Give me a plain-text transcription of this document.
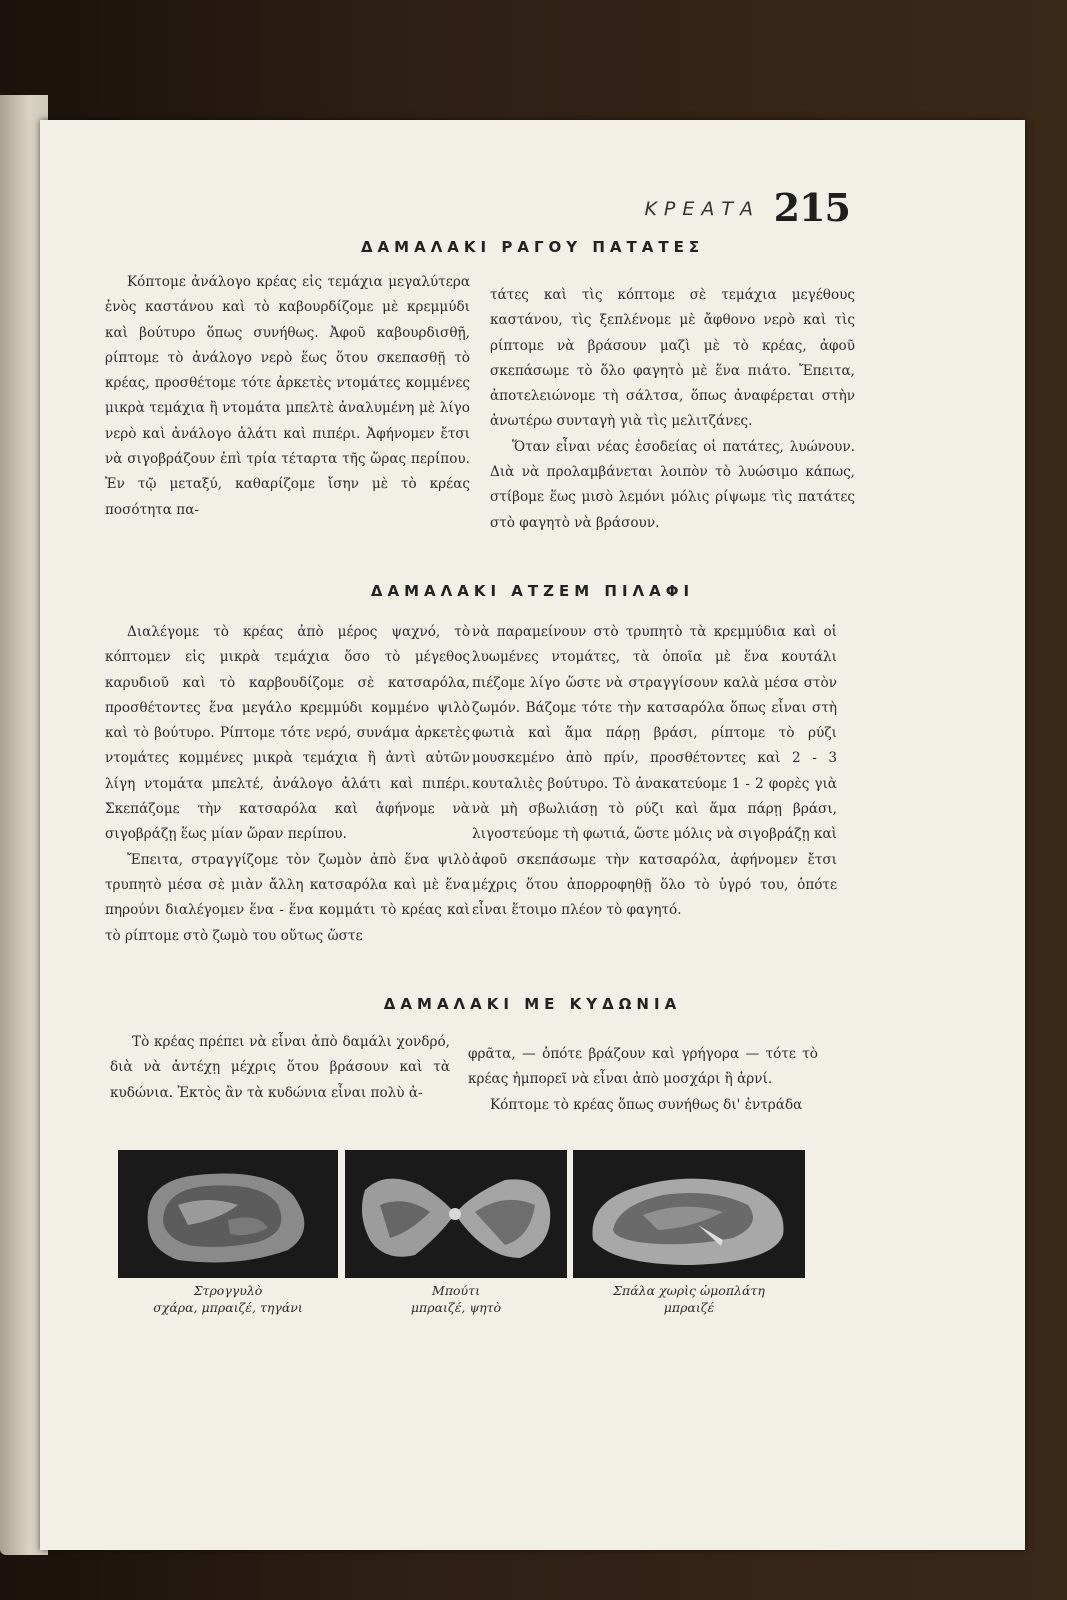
ΚΡΕΑΤΑ 215
ΔΑΜΑΛΑΚΙ ΡΑΓΟΥ ΠΑΤΑΤΕΣ

Κόπτομε ἀνάλογο κρέας εἰς τεμάχια μεγαλύτερα ἑνὸς καστάνου καὶ τὸ καβουρδίζομε μὲ κρεμμύδι καὶ βούτυρο ὅπως συνήθως. Ἀφοῦ καβουρδισθῇ, ρίπτομε τὸ ἀνάλογο νερὸ ἕως ὅτου σκεπασθῇ τὸ κρέας, προσθέτομε τότε ἀρκετὲς ντομάτες κομμένες μικρὰ τεμάχια ἢ ντομάτα μπελτὲ ἀναλυμένη μὲ λίγο νερὸ καὶ ἀνάλογο ἁλάτι καὶ πιπέρι. Ἀφήνομεν ἔτσι νὰ σιγοβράζουν ἐπὶ τρία τέταρτα τῆς ὥρας περίπου. Ἐν τῷ μεταξύ, καθαρίζομε ἴσην μὲ τὸ κρέας ποσότητα πα-

τάτες καὶ τὶς κόπτομε σὲ τεμάχια μεγέθους καστάνου, τὶς ξεπλένομε μὲ ἄφθονο νερὸ καὶ τὶς ρίπτομε νὰ βράσουν μαζὶ μὲ τὸ κρέας, ἀφοῦ σκεπάσωμε τὸ ὅλο φαγητὸ μὲ ἕνα πιάτο. Ἔπειτα, ἀποτελειώνομε τὴ σάλτσα, ὅπως ἀναφέρεται στὴν ἀνωτέρω συνταγὴ γιὰ τὶς μελιτζάνες.

Ὅταν εἶναι νέας ἐσοδείας οἱ πατάτες, λυώνουν. Διὰ νὰ προλαμβάνεται λοιπὸν τὸ λυώσιμο κάπως, στίβομε ἕως μισὸ λεμόνι μόλις ρίψωμε τὶς πατάτες στὸ φαγητὸ νὰ βράσουν.

ΔΑΜΑΛΑΚΙ ΑΤΖΕΜ ΠΙΛΑΦΙ

Διαλέγομε τὸ κρέας ἀπὸ μέρος ψαχνό, τὸ κόπτομεν εἰς μικρὰ τεμάχια ὅσο τὸ μέγεθος καρυδιοῦ καὶ τὸ καρβουδίζομε σὲ κατσαρόλα, προσθέτοντες ἕνα μεγάλο κρεμμύδι κομμένο ψιλὸ καὶ τὸ βούτυρο. Ρίπτομε τότε νερό, συνάμα ἀρκετὲς ντομάτες κομμένες μικρὰ τεμάχια ἢ ἀντὶ αὐτῶν λίγη ντομάτα μπελτέ, ἀνάλογο ἁλάτι καὶ πιπέρι. Σκεπάζομε τὴν κατσαρόλα καὶ ἀφήνομε νὰ σιγοβράζῃ ἕως μίαν ὥραν περίπου.

Ἔπειτα, στραγγίζομε τὸν ζωμὸν ἀπὸ ἕνα ψιλὸ τρυπητὸ μέσα σὲ μιὰν ἄλλη κατσαρόλα καὶ μὲ ἕνα πηρούνι διαλέγομεν ἕνα - ἕνα κομμάτι τὸ κρέας καὶ τὸ ρίπτομε στὸ ζωμὸ του οὕτως ὥστε

νὰ παραμείνουν στὸ τρυπητὸ τὰ κρεμμύδια καὶ οἱ λυωμένες ντομάτες, τὰ ὁποῖα μὲ ἕνα κουτάλι πιέζομε λίγο ὥστε νὰ στραγγίσουν καλὰ μέσα στὸν ζωμόν. Βάζομε τότε τὴν κατσαρόλα ὅπως εἶναι στὴ φωτιὰ καὶ ἅμα πάρῃ βράσι, ρίπτομε τὸ ρύζι μουσκεμένο ἀπὸ πρίν, προσθέτοντες καὶ 2 - 3 κουταλιὲς βούτυρο. Τὸ ἀνακατεύομε 1 - 2 φορὲς γιὰ νὰ μὴ σβωλιάσῃ τὸ ρύζι καὶ ἅμα πάρῃ βράσι, λιγοστεύομε τὴ φωτιά, ὥστε μόλις νὰ σιγοβράζῃ καὶ ἀφοῦ σκεπάσωμε τὴν κατσαρόλα, ἀφήνομεν ἔτσι μέχρις ὅτου ἀπορροφηθῇ ὅλο τὸ ὑγρό του, ὁπότε εἶναι ἕτοιμο πλέον τὸ φαγητό.

ΔΑΜΑΛΑΚΙ ΜΕ ΚΥΔΩΝΙΑ

Τὸ κρέας πρέπει νὰ εἶναι ἀπὸ δαμάλι χονδρό, διὰ νὰ ἀντέχῃ μέχρις ὅτου βράσουν καὶ τὰ κυδώνια. Ἐκτὸς ἂν τὰ κυδώνια εἶναι πολὺ ἀ-

φρᾶτα, — ὁπότε βράζουν καὶ γρήγορα — τότε τὸ κρέας ἠμπορεῖ νὰ εἶναι ἀπὸ μοσχάρι ἢ ἀρνί.

Κόπτομε τὸ κρέας ὅπως συνήθως δι' ἐντράδα

Στρογγυλὸ
σχάρα, μπραιζέ, τηγάνι
Μπούτι
μπραιζέ, ψητὸ
Σπάλα χωρὶς ὠμοπλάτη
μπραιζέ
